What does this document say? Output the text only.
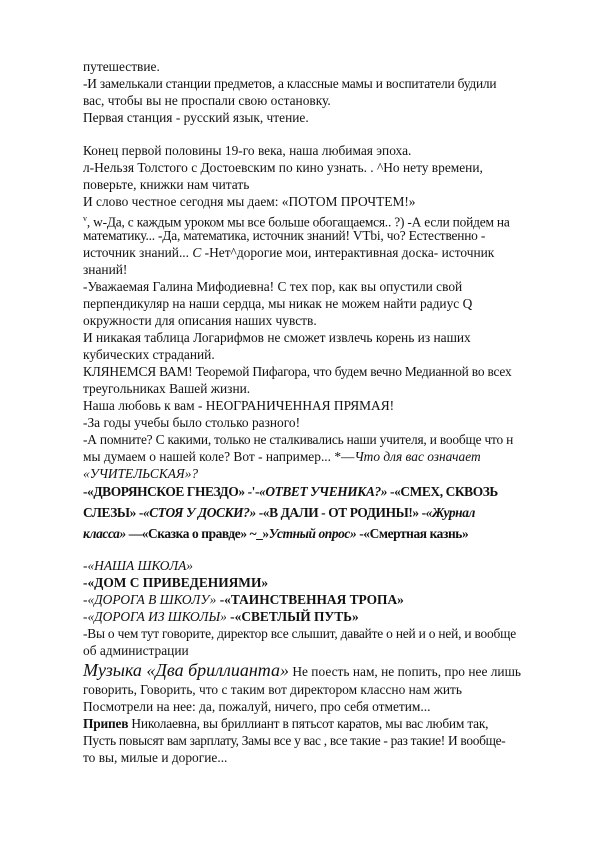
путешествие.
-И замелькали станции предметов, а классные мамы и воспитатели будили
вас, чтобы вы не проспали свою остановку.
Первая станция - русский язык, чтение.
Конец первой половины 19-го века, наша любимая эпоха.
л-Нельзя Толстого с Достоевским по кино узнать. . ^Но нету времени,
поверьте, книжки нам читать
И слово честное сегодня мы даем: «ПОТОМ ПРОЧТЕМ!»
$^v$, w-Да, с каждым уроком мы все больше обогащаемся.. ?) -А если пойдем на
математику... -Да, математика, источник знаний! VTbi, чо? Естественно -
источник знаний... С -Нет^дорогие мои, интерактивная доска- источник
знаний!
-Уважаемая Галина Мифодиевна! С тех пор, как вы опустили свой
перпендикуляр на наши сердца, мы никак не можем найти радиус Q
окружности для описания наших чувств.
И никакая таблица Логарифмов не сможет извлечь корень из наших
кубических страданий.
КЛЯНЕМСЯ ВАМ! Теоремой Пифагора, что будем вечно Медианной во всех
треугольниках Вашей жизни.
Наша любовь к вам - НЕОГРАНИЧЕННАЯ ПРЯМАЯ!
-За годы учебы было столько разного!
-А помните? С какими, только не сталкивались наши учителя, и вообще что н
мы думаем о нашей коле? Вот - например... *—Что для вас означает
«УЧИТЕЛЬСКАЯ»?
-«ДВОРЯНСКОЕ ГНЕЗДО» -'-«ОТВЕТ УЧЕНИКА?» -«СМЕХ, СКВОЗЬ
СЛЕЗЫ» -«СТОЯ У ДОСКИ?» -«В ДАЛИ - ОТ РОДИНЫ!» -«Журнал
класса» —«Сказка о правде» ~_»Устный опрос» -«Смертная казнь»
-«НАША ШКОЛА»
-«ДОМ С ПРИВЕДЕНИЯМИ»
-«ДОРОГА В ШКОЛУ» -«ТАИНСТВЕННАЯ ТРОПА»
-«ДОРОГА ИЗ ШКОЛЫ» -«СВЕТЛЫЙ ПУТЬ»
-Вы о чем тут говорите, директор все слышит, давайте о ней и о ней, и вообще
об администрации
Музыка «Два бриллианта» Не поесть нам, не попить, про нее лишь
говорить, Говорить, что с таким вот директором классно нам жить
Посмотрели на нее: да, пожалуй, ничего, про себя отметим...
Припев Николаевна, вы бриллиант в пятьсот каратов, мы вас любим так,
Пусть повысят вам зарплату, Замы все у вас , все такие - раз такие! И вообще-
то вы, милые и дорогие...
